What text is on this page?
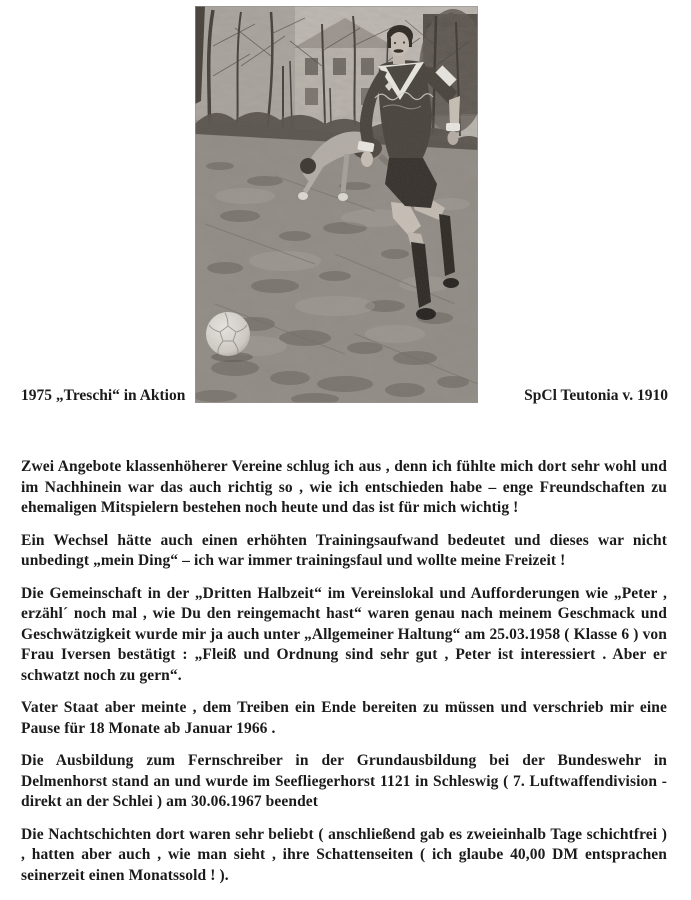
1975 „Treschi“ in Aktion	SpCl Teutonia v. 1910

Zwei Angebote klassenhöherer Vereine schlug ich aus , denn ich fühlte mich dort sehr wohl und im Nachhinein war das auch richtig so , wie ich entschieden habe – enge Freundschaften zu ehemaligen Mitspielern bestehen noch heute und das ist für mich wichtig !

Ein Wechsel hätte auch einen erhöhten Trainingsaufwand bedeutet und dieses war nicht unbedingt „mein Ding“ – ich war immer trainingsfaul und wollte meine Freizeit !

Die Gemeinschaft in der „Dritten Halbzeit“ im Vereinslokal und Aufforderungen wie „Peter , erzähl´ noch mal , wie Du den reingemacht hast“ waren genau nach meinem Geschmack und Geschwätzigkeit wurde mir ja auch unter „Allgemeiner Haltung“ am 25.03.1958 ( Klasse 6 ) von Frau Iversen bestätigt : „Fleiß und Ordnung sind sehr gut , Peter ist interessiert . Aber er schwatzt noch zu gern“.

Vater Staat aber meinte , dem Treiben ein Ende bereiten zu müssen und verschrieb mir eine Pause für 18 Monate ab Januar 1966 .

Die Ausbildung zum Fernschreiber in der Grundausbildung bei der Bundeswehr in Delmenhorst stand an und wurde im Seefliegerhorst 1121 in Schleswig ( 7. Luftwaffendivision - direkt an der Schlei ) am 30.06.1967 beendet

Die Nachtschichten dort waren sehr beliebt ( anschließend gab es zweieinhalb Tage schichtfrei ) , hatten aber auch , wie man sieht , ihre Schattenseiten ( ich glaube 40,00 DM entsprachen seinerzeit einen Monatssold ! ).
